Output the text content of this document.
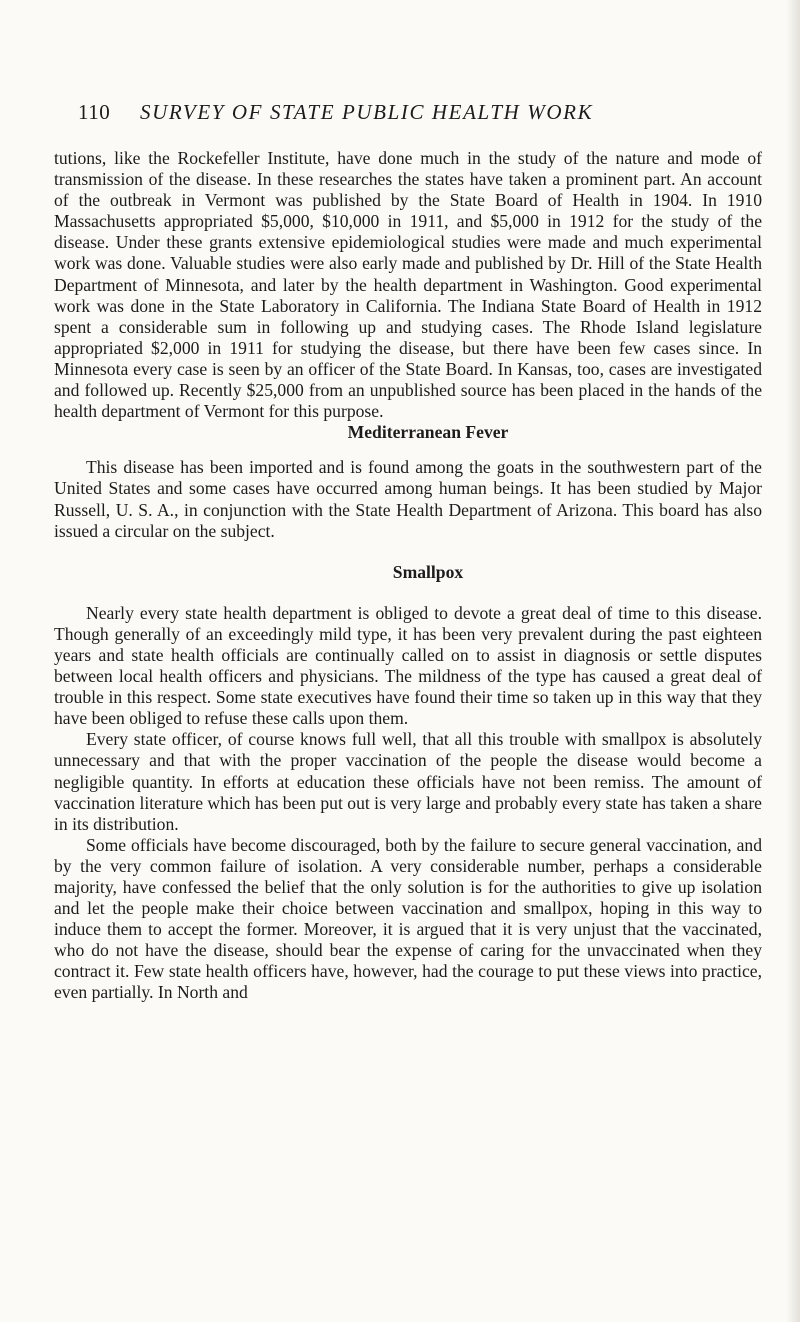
110 SURVEY OF STATE PUBLIC HEALTH WORK

tutions, like the Rockefeller Institute, have done much in the study of the nature and mode of transmission of the disease. In these researches the states have taken a prominent part. An account of the outbreak in Vermont was published by the State Board of Health in 1904. In 1910 Massachusetts appropriated $5,000, $10,000 in 1911, and $5,000 in 1912 for the study of the disease. Under these grants extensive epidemiological studies were made and much experimental work was done. Valuable studies were also early made and published by Dr. Hill of the State Health Department of Minnesota, and later by the health department in Washington. Good experimental work was done in the State Laboratory in California. The Indiana State Board of Health in 1912 spent a considerable sum in following up and studying cases. The Rhode Island legislature appropriated $2,000 in 1911 for studying the disease, but there have been few cases since. In Minnesota every case is seen by an officer of the State Board. In Kansas, too, cases are investigated and followed up. Recently $25,000 from an unpublished source has been placed in the hands of the health department of Vermont for this purpose.

Mediterranean Fever

This disease has been imported and is found among the goats in the southwestern part of the United States and some cases have occurred among human beings. It has been studied by Major Russell, U. S. A., in conjunction with the State Health Department of Arizona. This board has also issued a circular on the subject.

Smallpox

Nearly every state health department is obliged to devote a great deal of time to this disease. Though generally of an exceedingly mild type, it has been very prevalent during the past eighteen years and state health officials are continually called on to assist in diagnosis or settle disputes between local health officers and physicians. The mildness of the type has caused a great deal of trouble in this respect. Some state executives have found their time so taken up in this way that they have been obliged to refuse these calls upon them.

Every state officer, of course knows full well, that all this trouble with smallpox is absolutely unnecessary and that with the proper vaccination of the people the disease would become a negligible quantity. In efforts at education these officials have not been remiss. The amount of vaccination literature which has been put out is very large and probably every state has taken a share in its distribution.

Some officials have become discouraged, both by the failure to secure general vaccination, and by the very common failure of isolation. A very considerable number, perhaps a considerable majority, have confessed the belief that the only solution is for the authorities to give up isolation and let the people make their choice between vaccination and smallpox, hoping in this way to induce them to accept the former. Moreover, it is argued that it is very unjust that the vaccinated, who do not have the disease, should bear the expense of caring for the unvaccinated when they contract it. Few state health officers have, however, had the courage to put these views into practice, even partially. In North and
